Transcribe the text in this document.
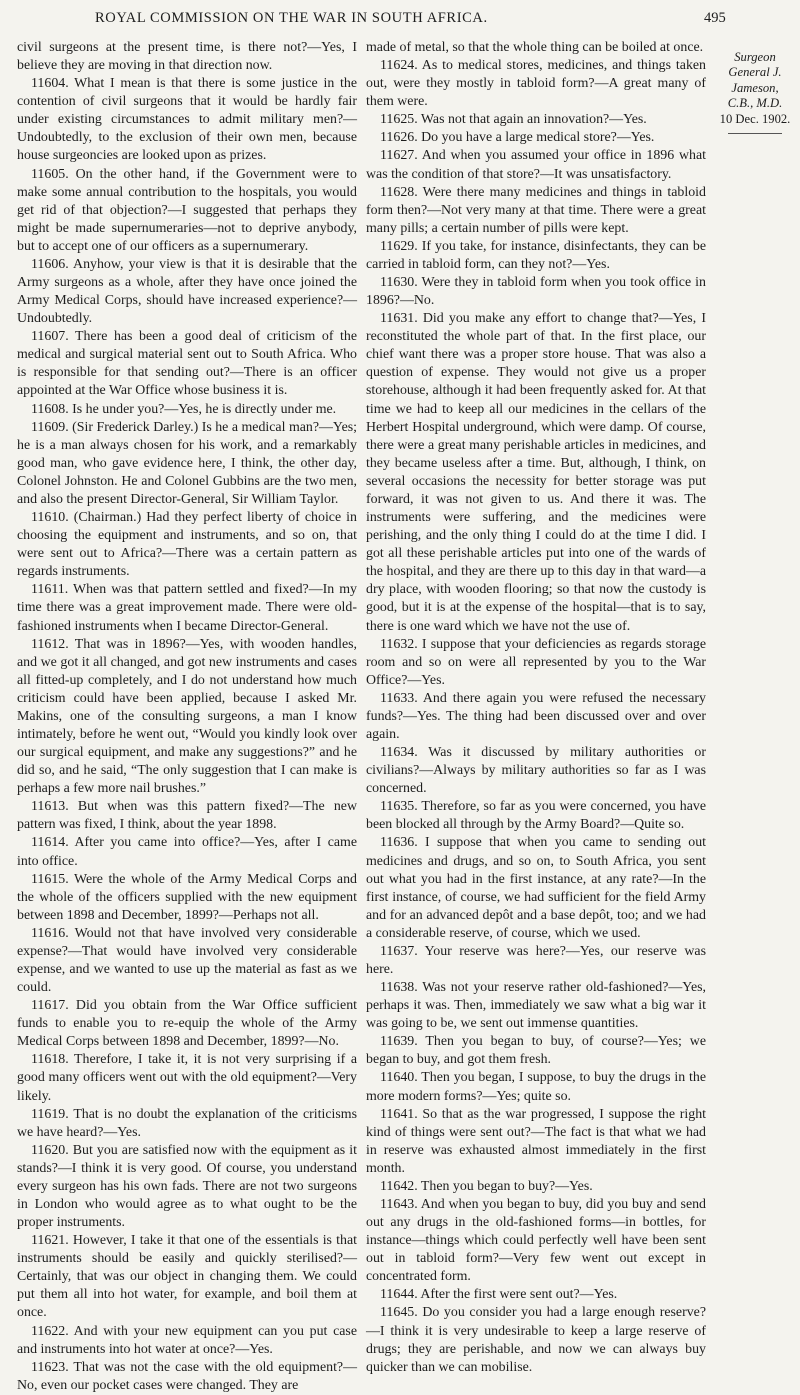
ROYAL COMMISSION ON THE WAR IN SOUTH AFRICA.	495

civil surgeons at the present time, is there not?—Yes, I believe they are moving in that direction now.

11604. What I mean is that there is some justice in the contention of civil surgeons that it would be hardly fair under existing circumstances to admit military men?—Undoubtedly, to the exclusion of their own men, because house surgeoncies are looked upon as prizes.

11605. On the other hand, if the Government were to make some annual contribution to the hospitals, you would get rid of that objection?—I suggested that perhaps they might be made supernumeraries—not to deprive anybody, but to accept one of our officers as a supernumerary.

11606. Anyhow, your view is that it is desirable that the Army surgeons as a whole, after they have once joined the Army Medical Corps, should have increased experience?—Undoubtedly.

11607. There has been a good deal of criticism of the medical and surgical material sent out to South Africa. Who is responsible for that sending out?—There is an officer appointed at the War Office whose business it is.

11608. Is he under you?—Yes, he is directly under me.

11609. (Sir Frederick Darley.) Is he a medical man?—Yes; he is a man always chosen for his work, and a remarkably good man, who gave evidence here, I think, the other day, Colonel Johnston. He and Colonel Gubbins are the two men, and also the present Director-General, Sir William Taylor.

11610. (Chairman.) Had they perfect liberty of choice in choosing the equipment and instruments, and so on, that were sent out to Africa?—There was a certain pattern as regards instruments.

11611. When was that pattern settled and fixed?—In my time there was a great improvement made. There were old-fashioned instruments when I became Director-General.

11612. That was in 1896?—Yes, with wooden handles, and we got it all changed, and got new instruments and cases all fitted-up completely, and I do not understand how much criticism could have been applied, because I asked Mr. Makins, one of the consulting surgeons, a man I know intimately, before he went out, “Would you kindly look over our surgical equipment, and make any suggestions?” and he did so, and he said, “The only suggestion that I can make is perhaps a few more nail brushes.”

11613. But when was this pattern fixed?—The new pattern was fixed, I think, about the year 1898.

11614. After you came into office?—Yes, after I came into office.

11615. Were the whole of the Army Medical Corps and the whole of the officers supplied with the new equipment between 1898 and December, 1899?—Perhaps not all.

11616. Would not that have involved very considerable expense?—That would have involved very considerable expense, and we wanted to use up the material as fast as we could.

11617. Did you obtain from the War Office sufficient funds to enable you to re-equip the whole of the Army Medical Corps between 1898 and December, 1899?—No.

11618. Therefore, I take it, it is not very surprising if a good many officers went out with the old equipment?—Very likely.

11619. That is no doubt the explanation of the criticisms we have heard?—Yes.

11620. But you are satisfied now with the equipment as it stands?—I think it is very good. Of course, you understand every surgeon has his own fads. There are not two surgeons in London who would agree as to what ought to be the proper instruments.

11621. However, I take it that one of the essentials is that instruments should be easily and quickly sterilised?—Certainly, that was our object in changing them. We could put them all into hot water, for example, and boil them at once.

11622. And with your new equipment can you put case and instruments into hot water at once?—Yes.

11623. That was not the case with the old equipment?—No, even our pocket cases were changed. They are

made of metal, so that the whole thing can be boiled at once.

11624. As to medical stores, medicines, and things taken out, were they mostly in tabloid form?—A great many of them were.

11625. Was not that again an innovation?—Yes.

11626. Do you have a large medical store?—Yes.

11627. And when you assumed your office in 1896 what was the condition of that store?—It was unsatisfactory.

11628. Were there many medicines and things in tabloid form then?—Not very many at that time. There were a great many pills; a certain number of pills were kept.

11629. If you take, for instance, disinfectants, they can be carried in tabloid form, can they not?—Yes.

11630. Were they in tabloid form when you took office in 1896?—No.

11631. Did you make any effort to change that?—Yes, I reconstituted the whole part of that. In the first place, our chief want there was a proper store house. That was also a question of expense. They would not give us a proper storehouse, although it had been frequently asked for. At that time we had to keep all our medicines in the cellars of the Herbert Hospital underground, which were damp. Of course, there were a great many perishable articles in medicines, and they became useless after a time. But, although, I think, on several occasions the necessity for better storage was put forward, it was not given to us. And there it was. The instruments were suffering, and the medicines were perishing, and the only thing I could do at the time I did. I got all these perishable articles put into one of the wards of the hospital, and they are there up to this day in that ward—a dry place, with wooden flooring; so that now the custody is good, but it is at the expense of the hospital—that is to say, there is one ward which we have not the use of.

11632. I suppose that your deficiencies as regards storage room and so on were all represented by you to the War Office?—Yes.

11633. And there again you were refused the necessary funds?—Yes. The thing had been discussed over and over again.

11634. Was it discussed by military authorities or civilians?—Always by military authorities so far as I was concerned.

11635. Therefore, so far as you were concerned, you have been blocked all through by the Army Board?—Quite so.

11636. I suppose that when you came to sending out medicines and drugs, and so on, to South Africa, you sent out what you had in the first instance, at any rate?—In the first instance, of course, we had sufficient for the field Army and for an advanced depôt and a base depôt, too; and we had a considerable reserve, of course, which we used.

11637. Your reserve was here?—Yes, our reserve was here.

11638. Was not your reserve rather old-fashioned?—Yes, perhaps it was. Then, immediately we saw what a big war it was going to be, we sent out immense quantities.

11639. Then you began to buy, of course?—Yes; we began to buy, and got them fresh.

11640. Then you began, I suppose, to buy the drugs in the more modern forms?—Yes; quite so.

11641. So that as the war progressed, I suppose the right kind of things were sent out?—The fact is that what we had in reserve was exhausted almost immediately in the first month.

11642. Then you began to buy?—Yes.

11643. And when you began to buy, did you buy and send out any drugs in the old-fashioned forms—in bottles, for instance—things which could perfectly well have been sent out in tabloid form?—Very few went out except in concentrated form.

11644. After the first were sent out?—Yes.

11645. Do you consider you had a large enough reserve?—I think it is very undesirable to keep a large reserve of drugs; they are perishable, and now we can always buy quicker than we can mobilise.

Surgeon
General J.
Jameson,
C.B., M.D.
10 Dec. 1902.
